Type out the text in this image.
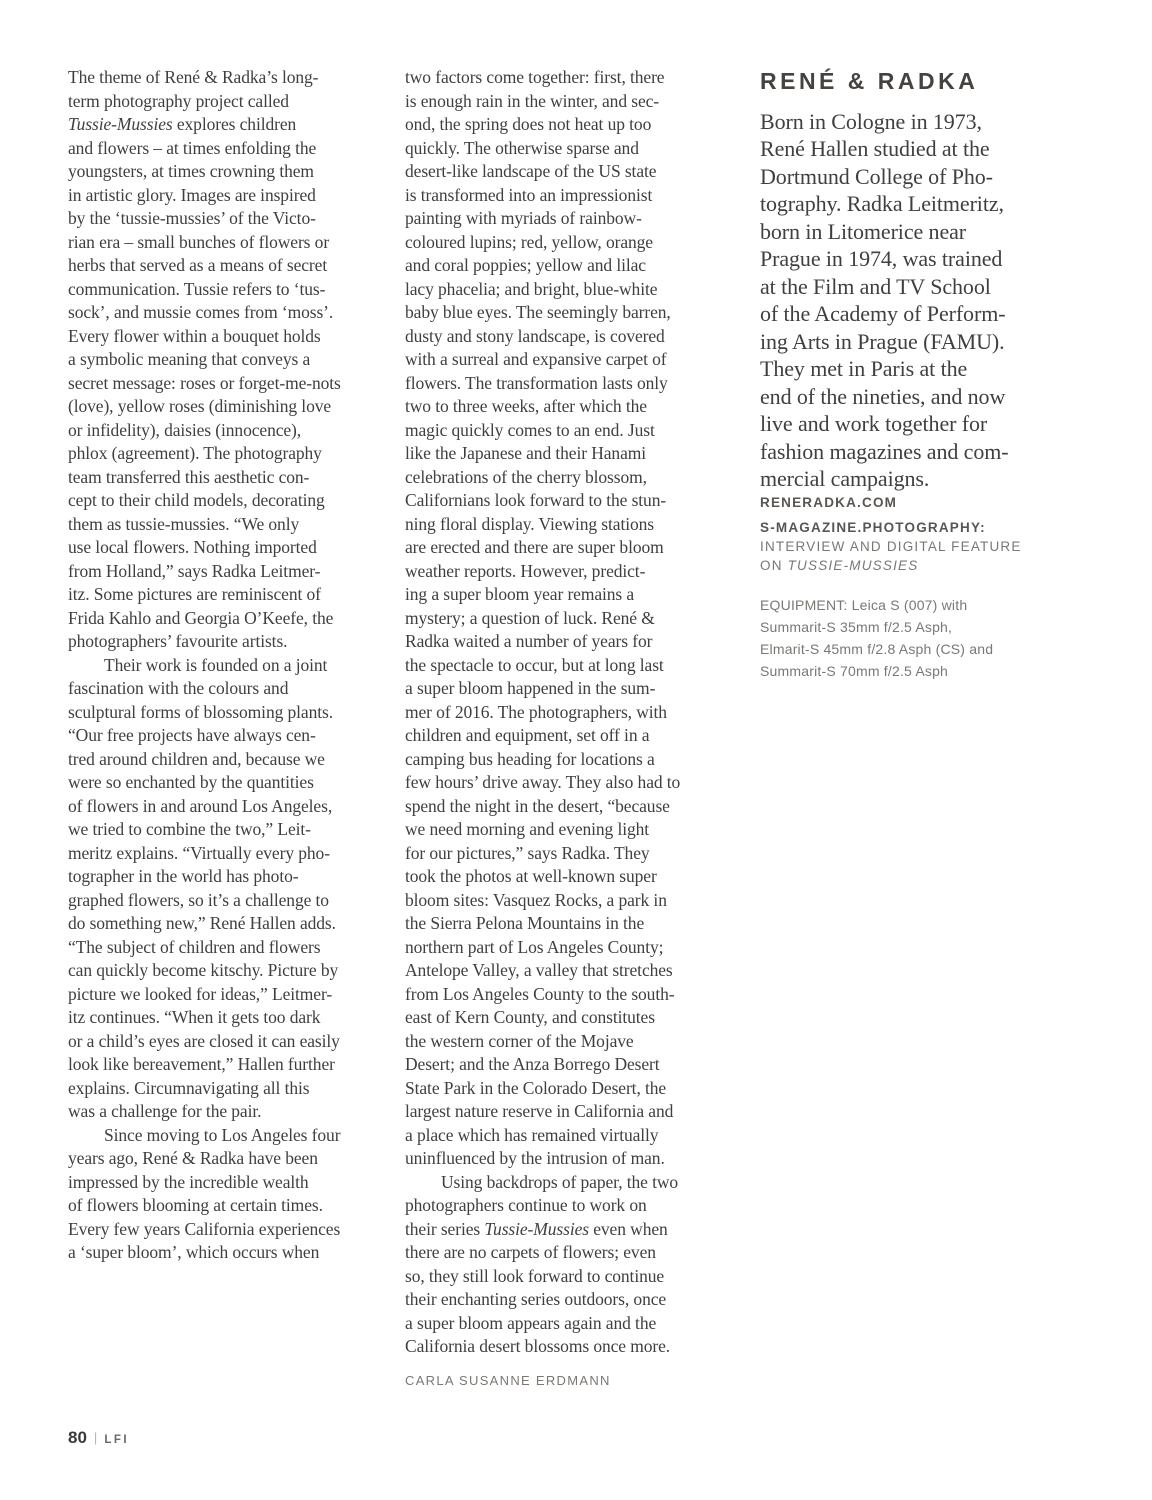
The theme of René & Radka’s long-
term photography project called
Tussie-Mussies explores children
and flowers – at times enfolding the
youngsters, at times crowning them
in artistic glory. Images are inspired
by the ‘tussie-mussies’ of the Victo-
rian era – small bunches of flowers or
herbs that served as a means of secret
communication. Tussie refers to ‘tus-
sock’, and mussie comes from ‘moss’.
Every flower within a bouquet holds
a symbolic meaning that conveys a
secret message: roses or forget-me-nots
(love), yellow roses (diminishing love
or infidelity), daisies (innocence),
phlox (agreement). The photography
team transferred this aesthetic con-
cept to their child models, decorating
them as tussie-mussies. “We only
use local flowers. Nothing imported
from Holland,” says Radka Leitmer-
itz. Some pictures are reminiscent of
Frida Kahlo and Georgia O’Keefe, the
photographers’ favourite artists.

Their work is founded on a joint
fascination with the colours and
sculptural forms of blossoming plants.
“Our free projects have always cen-
tred around children and, because we
were so enchanted by the quantities
of flowers in and around Los Angeles,
we tried to combine the two,” Leit-
meritz explains. “Virtually every pho-
tographer in the world has photo-
graphed flowers, so it’s a challenge to
do something new,” René Hallen adds.
“The subject of children and flowers
can quickly become kitschy. Picture by
picture we looked for ideas,” Leitmer-
itz continues. “When it gets too dark
or a child’s eyes are closed it can easily
look like bereavement,” Hallen further
explains. Circumnavigating all this
was a challenge for the pair.

Since moving to Los Angeles four
years ago, René & Radka have been
impressed by the incredible wealth
of flowers blooming at certain times.
Every few years California experiences
a ‘super bloom’, which occurs when

two factors come together: first, there
is enough rain in the winter, and sec-
ond, the spring does not heat up too
quickly. The otherwise sparse and
desert-like landscape of the US state
is transformed into an impressionist
painting with myriads of rainbow-
coloured lupins; red, yellow, orange
and coral poppies; yellow and lilac
lacy phacelia; and bright, blue-white
baby blue eyes. The seemingly barren,
dusty and stony landscape, is covered
with a surreal and expansive carpet of
flowers. The transformation lasts only
two to three weeks, after which the
magic quickly comes to an end. Just
like the Japanese and their Hanami
celebrations of the cherry blossom,
Californians look forward to the stun-
ning floral display. Viewing stations
are erected and there are super bloom
weather reports. However, predict-
ing a super bloom year remains a
mystery; a question of luck. René &
Radka waited a number of years for
the spectacle to occur, but at long last
a super bloom happened in the sum-
mer of 2016. The photographers, with
children and equipment, set off in a
camping bus heading for locations a
few hours’ drive away. They also had to
spend the night in the desert, “because
we need morning and evening light
for our pictures,” says Radka. They
took the photos at well-known super
bloom sites: Vasquez Rocks, a park in
the Sierra Pelona Mountains in the
northern part of Los Angeles County;
Antelope Valley, a valley that stretches
from Los Angeles County to the south-
east of Kern County, and constitutes
the western corner of the Mojave
Desert; and the Anza Borrego Desert
State Park in the Colorado Desert, the
largest nature reserve in California and
a place which has remained virtually
uninfluenced by the intrusion of man.

Using backdrops of paper, the two
photographers continue to work on
their series Tussie-Mussies even when
there are no carpets of flowers; even
so, they still look forward to continue
their enchanting series outdoors, once
a super bloom appears again and the
California desert blossoms once more.

CARLA SUSANNE ERDMANN
RENÉ & RADKA

Born in Cologne in 1973,
René Hallen studied at the
Dortmund College of Pho-
tography. Radka Leitmeritz,
born in Litomerice near
Prague in 1974, was trained
at the Film and TV School
of the Academy of Perform-
ing Arts in Prague (FAMU).
They met in Paris at the
end of the nineties, and now
live and work together for
fashion magazines and com-
mercial campaigns.

RENERADKA.COM
S-MAGAZINE.PHOTOGRAPHY:
INTERVIEW AND DIGITAL FEATURE
ON TUSSIE-MUSSIES
EQUIPMENT: Leica S (007) with
Summarit-S 35mm f/2.5 Asph,
Elmarit-S 45mm f/2.8 Asph (CS) and
Summarit-S 70mm f/2.5 Asph
80 | LFI
